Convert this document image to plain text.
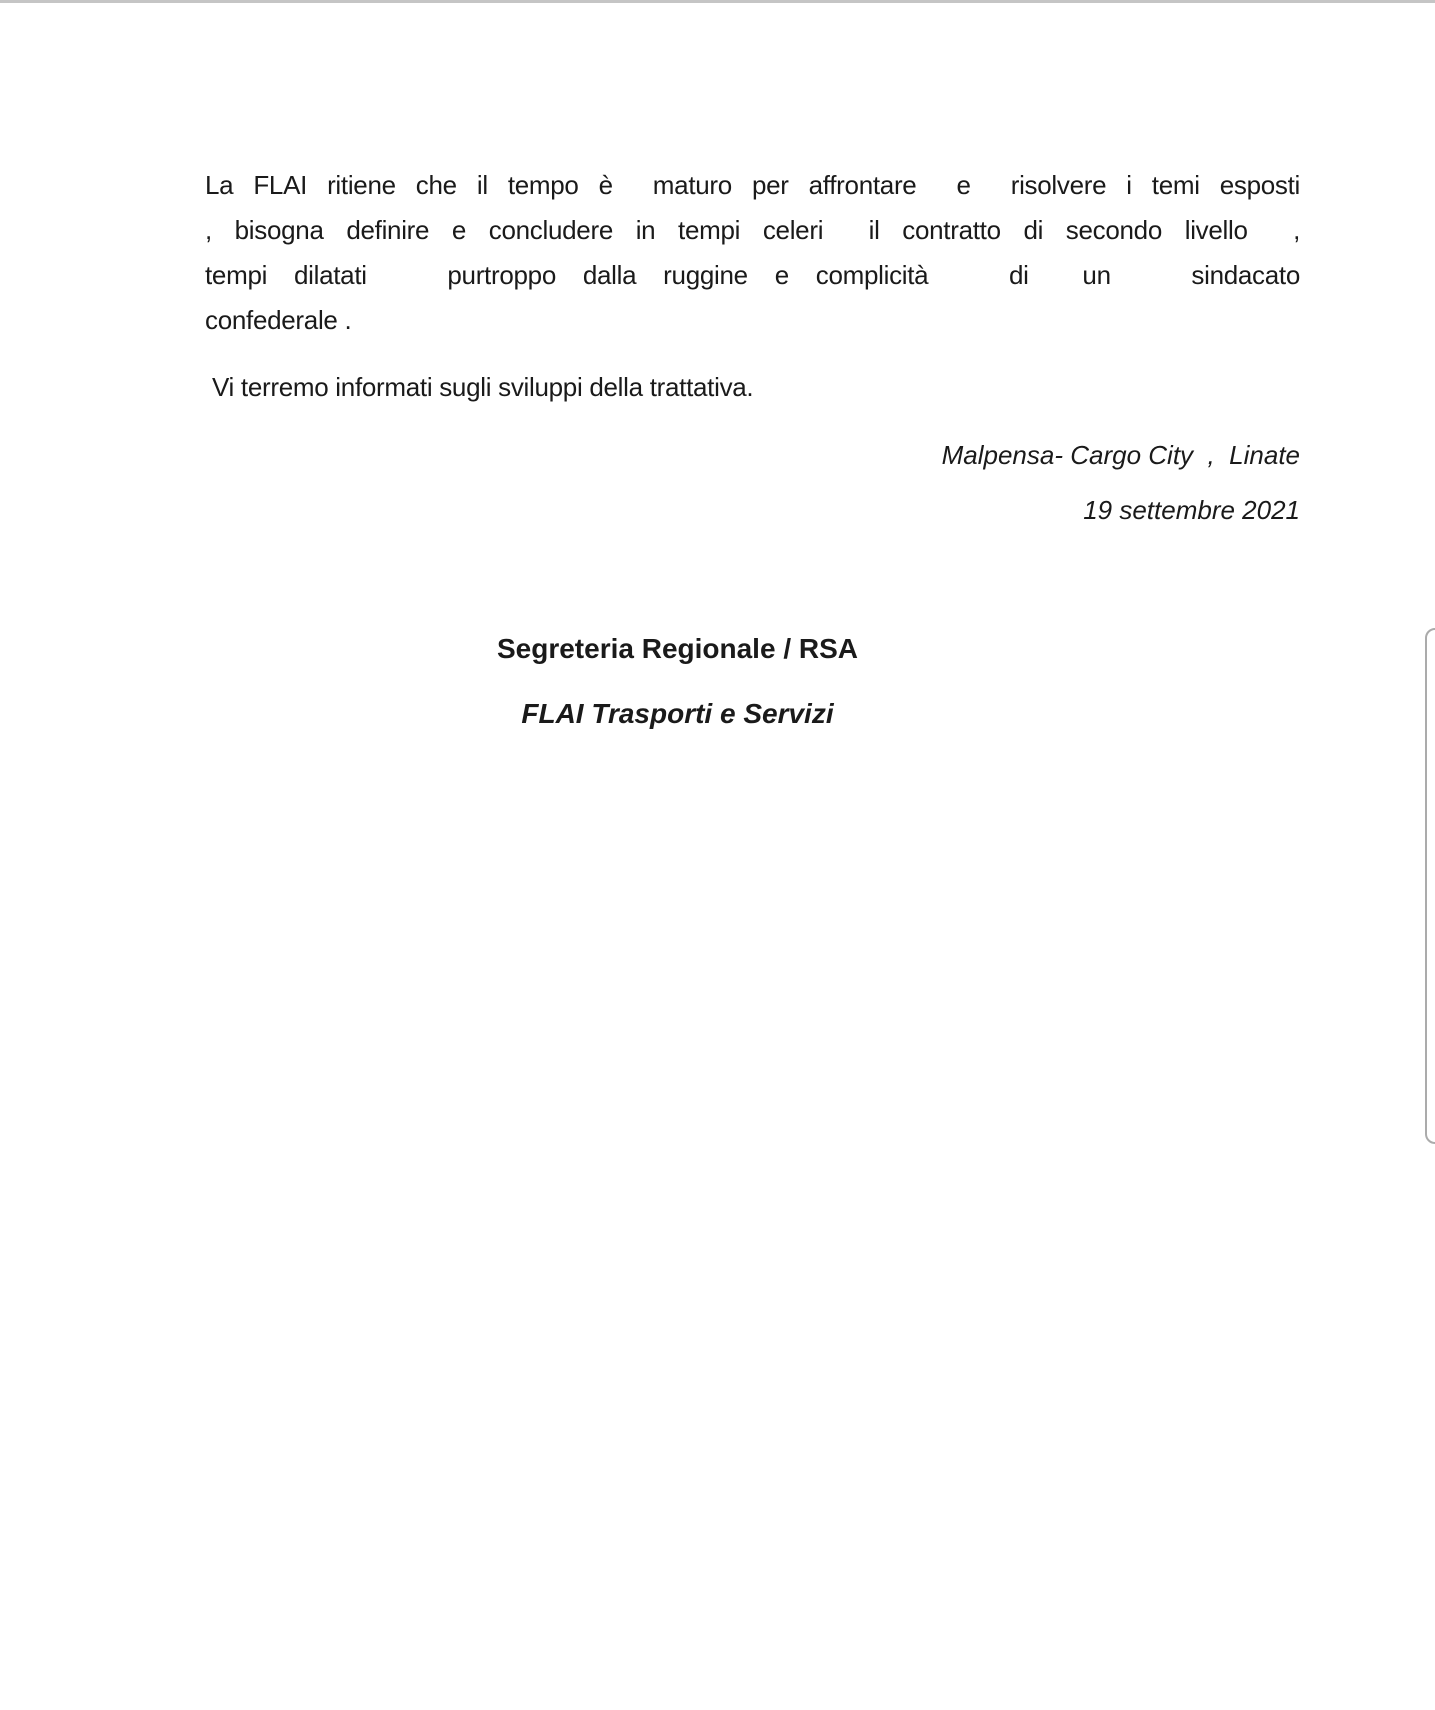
La FLAI ritiene che il tempo è  maturo per affrontare  e  risolvere i temi esposti
, bisogna definire e concludere in tempi celeri  il contratto di secondo livello  ,
tempi dilatati   purtroppo dalla ruggine e complicità   di  un   sindacato
confederale .
Vi terremo informati sugli sviluppi della trattativa.
Malpensa- Cargo City  ,  Linate
19 settembre 2021
Segreteria Regionale / RSA
FLAI Trasporti e Servizi
